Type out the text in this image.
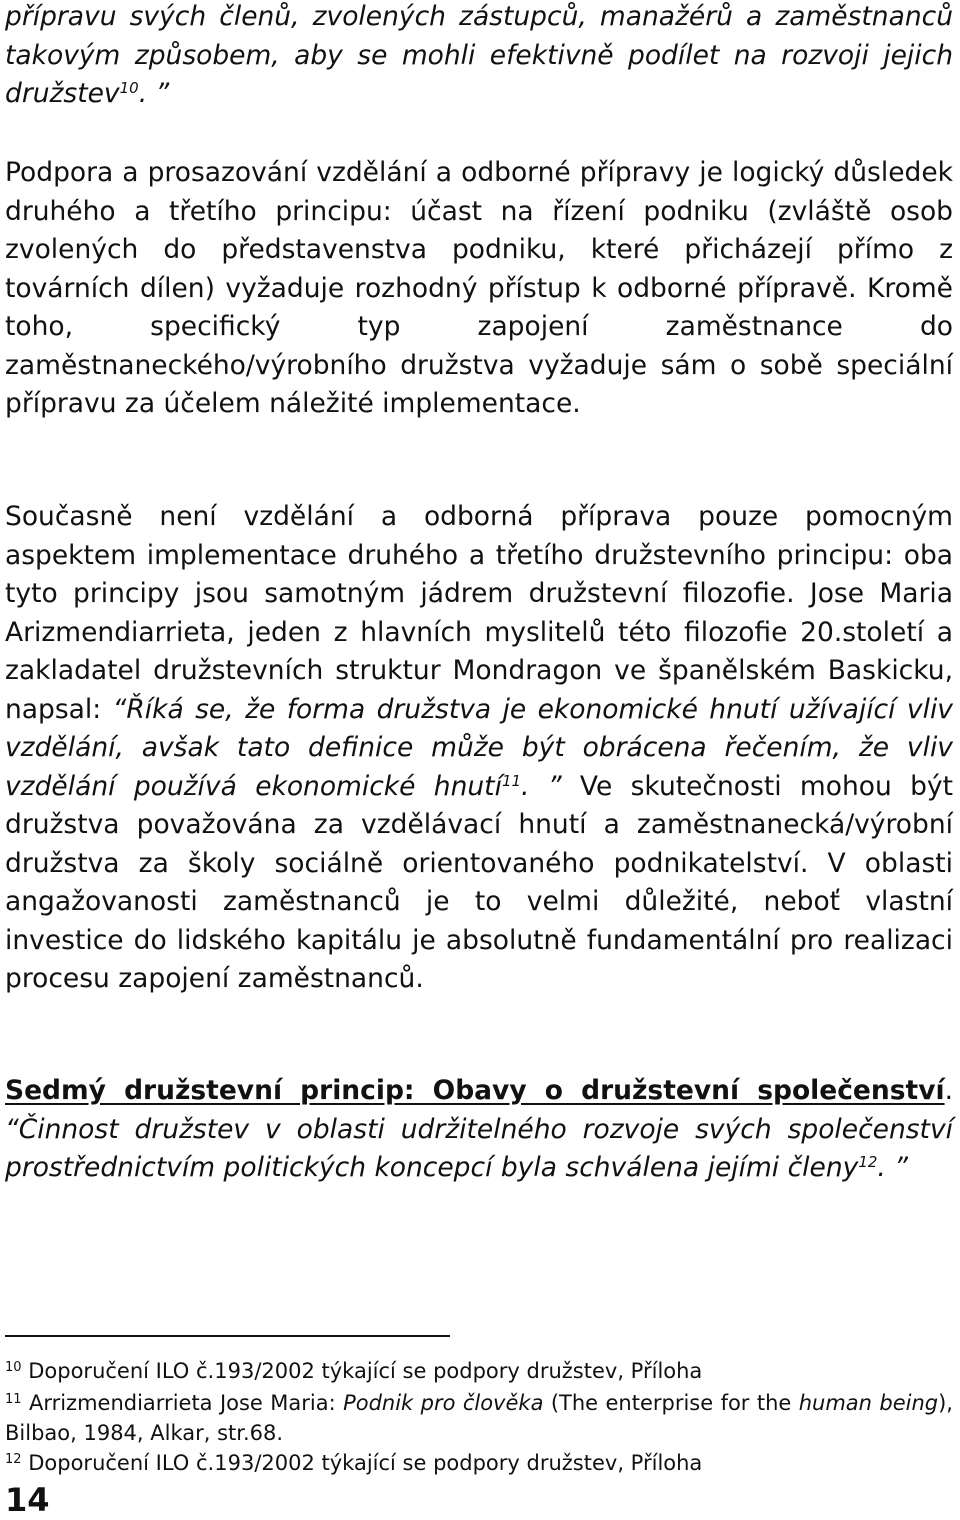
přípravu svých členů, zvolených zástupců, manažérů a zaměstnanců takovým způsobem, aby se mohli efektivně podílet na rozvoji jejich družstev$^{10}$. ”

Podpora a prosazování vzdělání a odborné přípravy je logický důsledek druhého a třetího principu: účast na řízení podniku (zvláště osob zvolených do představenstva podniku, které přicházejí přímo z továrních dílen) vyžaduje rozhodný přístup k odborné přípravě. Kromě toho, specifický typ zapojení zaměstnance do zaměstnaneckého/výrobního družstva vyžaduje sám o sobě speciální přípravu za účelem náležité implementace.

Současně není vzdělání a odborná příprava pouze pomocným aspektem implementace druhého a třetího družstevního principu: oba tyto principy jsou samotným jádrem družstevní filozofie. Jose Maria Arizmendiarrieta, jeden z hlavních myslitelů této filozofie 20.století a zakladatel družstevních struktur Mondragon ve španělském Baskicku, napsal: “Říká se, že forma družstva je ekonomické hnutí užívající vliv vzdělání, avšak tato definice může být obrácena řečením, že vliv vzdělání používá ekonomické hnutí$^{11}$. ” Ve skutečnosti mohou být družstva považována za vzdělávací hnutí a zaměstnanecká/výrobní družstva za školy sociálně orientovaného podnikatelství. V oblasti angažovanosti zaměstnanců je to velmi důležité, neboť vlastní investice do lidského kapitálu je absolutně fundamentální pro realizaci procesu zapojení zaměstnanců.

Sedmý družstevní princip: Obavy o družstevní společenství. “Činnost družstev v oblasti udržitelného rozvoje svých společenství prostřednictvím politických koncepcí byla schválena jejími členy$^{12}$. ”

$^{10}$ Doporučení ILO č.193/2002 týkající se podpory družstev, Příloha
$^{11}$ Arrizmendiarrieta Jose Maria: Podnik pro člověka (The enterprise for the human being), Bilbao, 1984, Alkar, str.68.
$^{12}$ Doporučení ILO č.193/2002 týkající se podpory družstev, Příloha
14
